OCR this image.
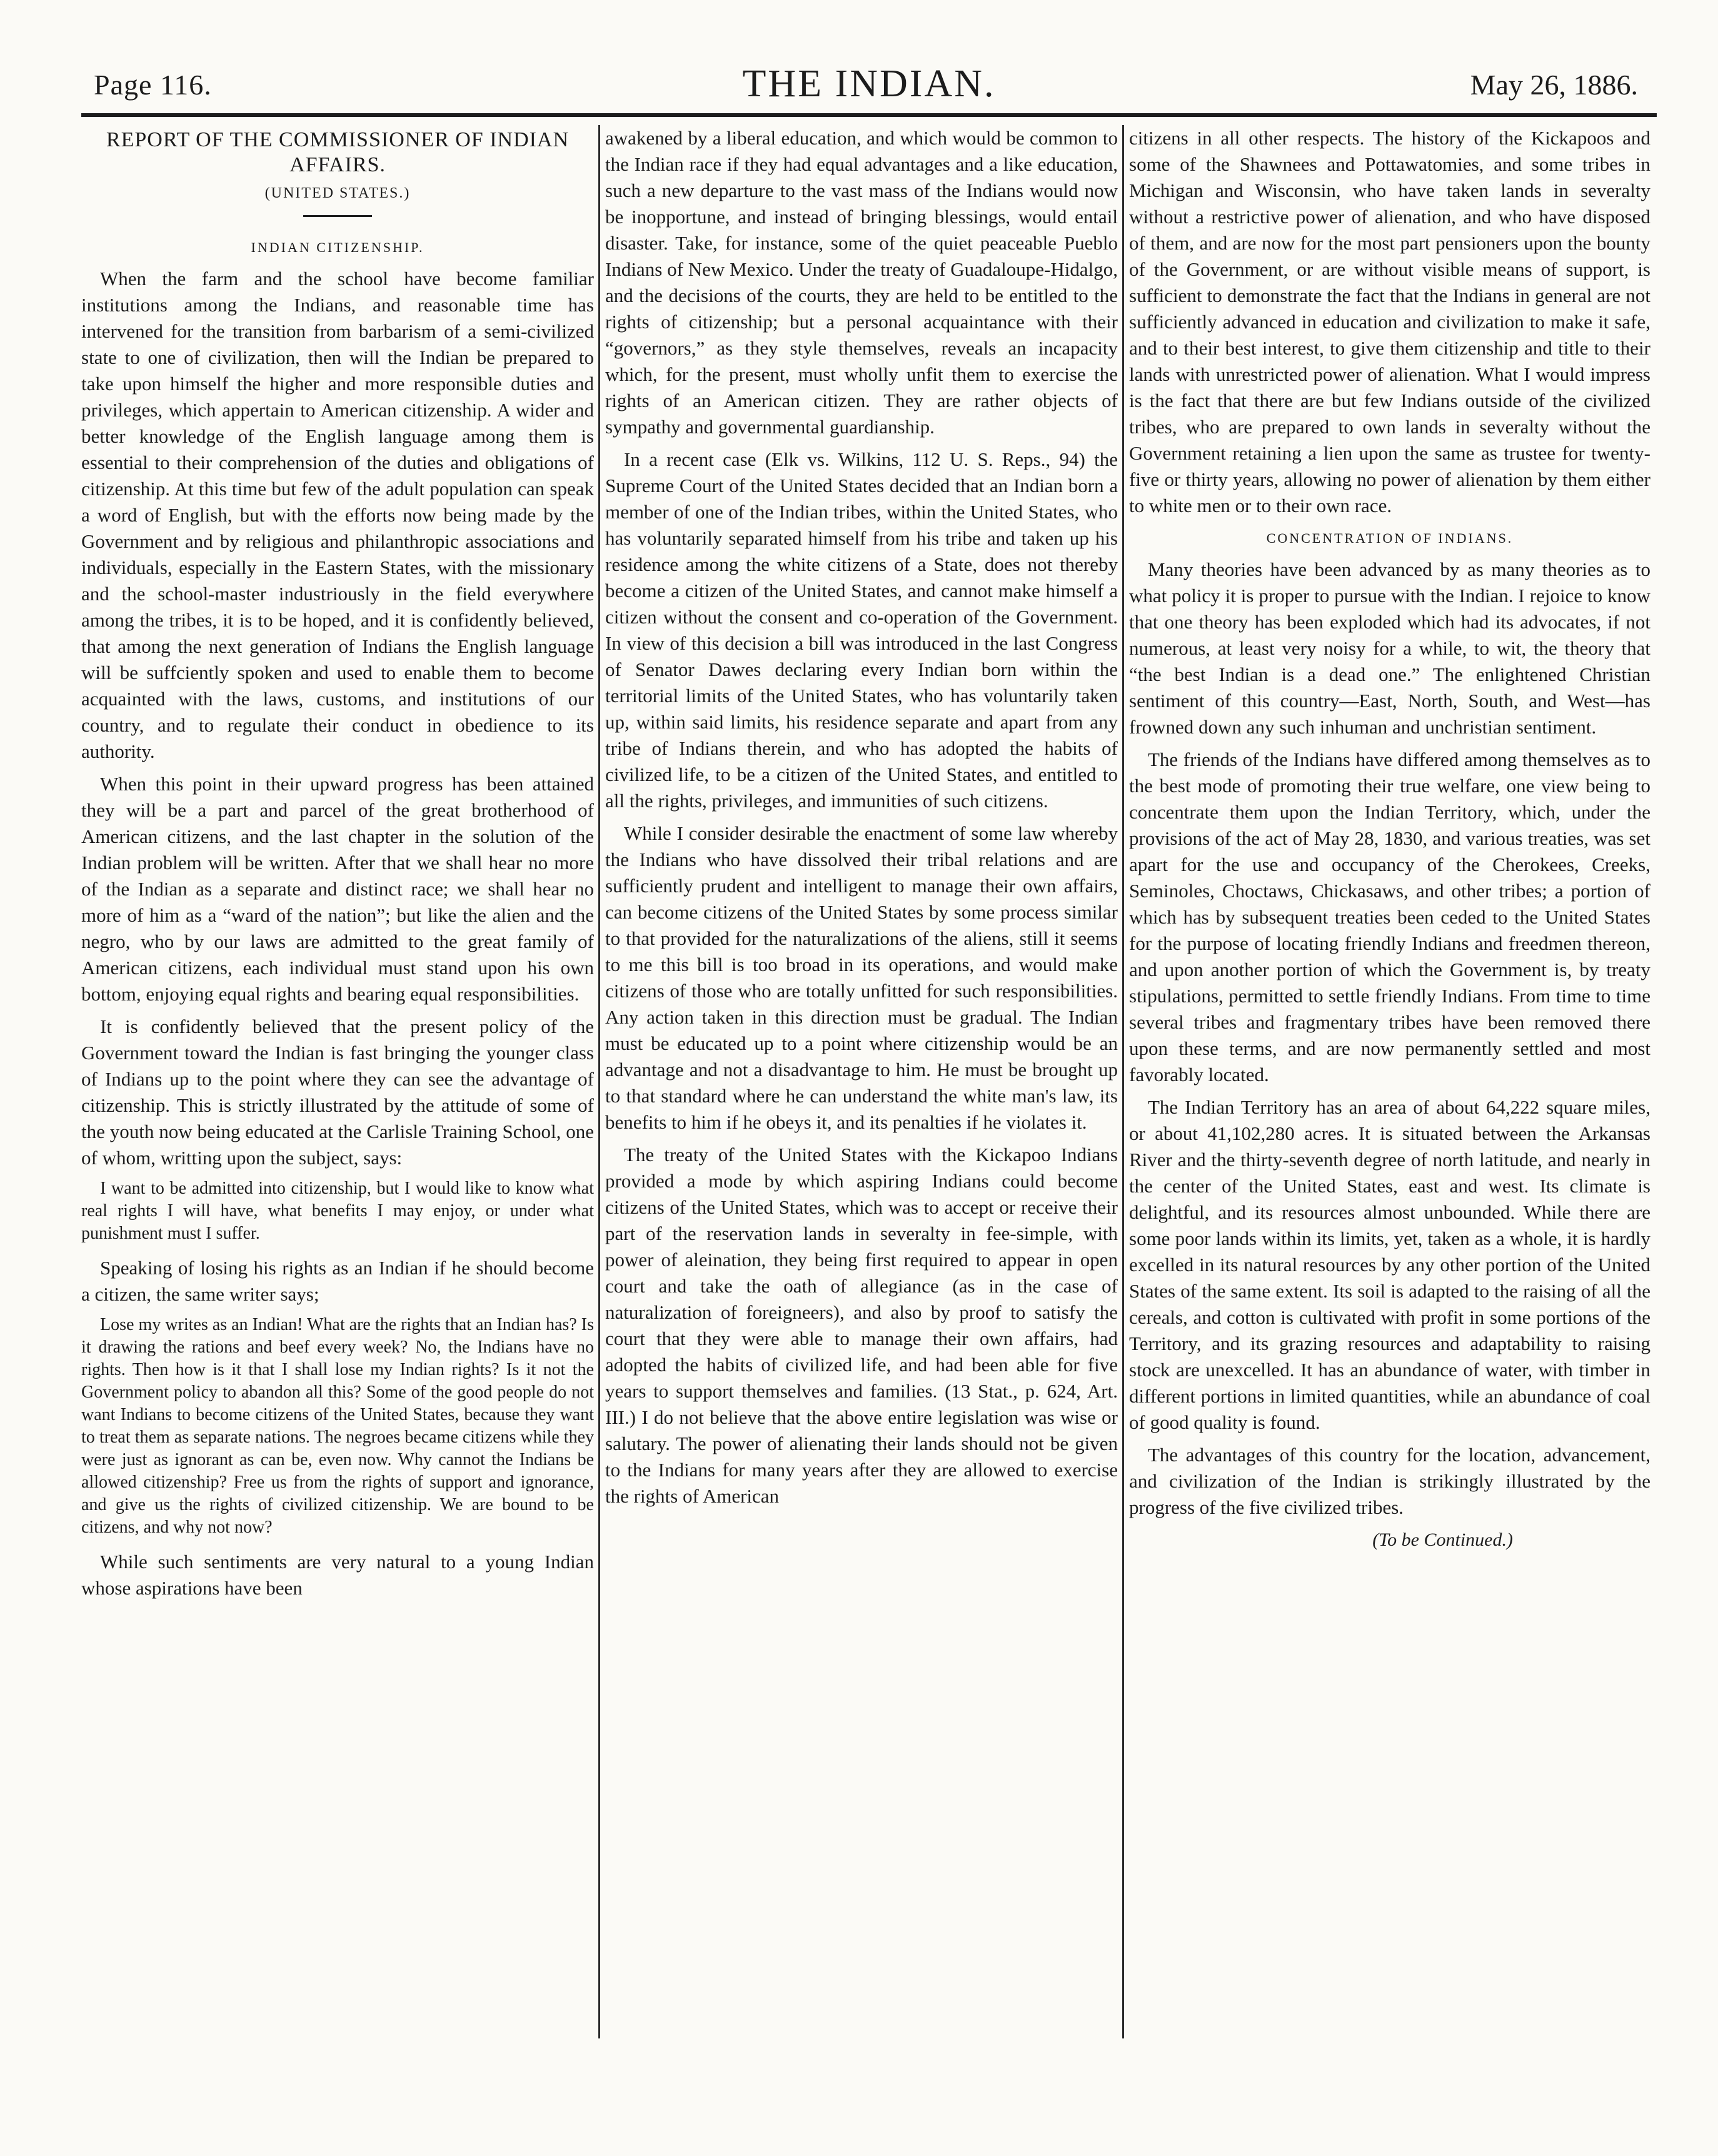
Page 116.	THE INDIAN.	May 26, 1886.
REPORT OF THE COMMISSIONER OF INDIAN AFFAIRS.
(UNITED STATES.)
INDIAN CITIZENSHIP.

When the farm and the school have become familiar institutions among the Indians, and reasonable time has intervened for the transition from barbarism of a semi-civilized state to one of civilization, then will the Indian be prepared to take upon himself the higher and more responsible duties and privileges, which appertain to American citizenship. A wider and better knowledge of the English language among them is essential to their comprehension of the duties and obligations of citizenship. At this time but few of the adult population can speak a word of English, but with the efforts now being made by the Government and by religious and philanthropic associations and individuals, especially in the Eastern States, with the missionary and the school-master industriously in the field everywhere among the tribes, it is to be hoped, and it is confidently believed, that among the next generation of Indians the English language will be suffciently spoken and used to enable them to become acquainted with the laws, customs, and institutions of our country, and to regulate their conduct in obedience to its authority.

When this point in their upward progress has been attained they will be a part and parcel of the great brotherhood of American citizens, and the last chapter in the solution of the Indian problem will be written. After that we shall hear no more of the Indian as a separate and distinct race; we shall hear no more of him as a “ward of the nation”; but like the alien and the negro, who by our laws are admitted to the great family of American citizens, each individual must stand upon his own bottom, enjoying equal rights and bearing equal responsibilities.

It is confidently believed that the present policy of the Government toward the Indian is fast bringing the younger class of Indians up to the point where they can see the advantage of citizenship. This is strictly illustrated by the attitude of some of the youth now being educated at the Carlisle Training School, one of whom, writting upon the subject, says:

I want to be admitted into citizenship, but I would like to know what real rights I will have, what benefits I may enjoy, or under what punishment must I suffer.

Speaking of losing his rights as an Indian if he should become a citizen, the same writer says;

Lose my writes as an Indian! What are the rights that an Indian has? Is it drawing the rations and beef every week? No, the Indians have no rights. Then how is it that I shall lose my Indian rights? Is it not the Government policy to abandon all this? Some of the good people do not want Indians to become citizens of the United States, because they want to treat them as separate nations. The negroes became citizens while they were just as ignorant as can be, even now. Why cannot the Indians be allowed citizenship? Free us from the rights of support and ignorance, and give us the rights of civilized citizenship. We are bound to be citizens, and why not now?

While such sentiments are very natural to a young Indian whose aspirations have been

awakened by a liberal education, and which would be common to the Indian race if they had equal advantages and a like education, such a new departure to the vast mass of the Indians would now be inopportune, and instead of bringing blessings, would entail disaster. Take, for instance, some of the quiet peaceable Pueblo Indians of New Mexico. Under the treaty of Guadaloupe-Hidalgo, and the decisions of the courts, they are held to be entitled to the rights of citizenship; but a personal acquaintance with their “governors,” as they style themselves, reveals an incapacity which, for the present, must wholly unfit them to exercise the rights of an American citizen. They are rather objects of sympathy and governmental guardianship.

In a recent case (Elk vs. Wilkins, 112 U. S. Reps., 94) the Supreme Court of the United States decided that an Indian born a member of one of the Indian tribes, within the United States, who has voluntarily separated himself from his tribe and taken up his residence among the white citizens of a State, does not thereby become a citizen of the United States, and cannot make himself a citizen without the consent and co-operation of the Government. In view of this decision a bill was introduced in the last Congress of Senator Dawes declaring every Indian born within the territorial limits of the United States, who has voluntarily taken up, within said limits, his residence separate and apart from any tribe of Indians therein, and who has adopted the habits of civilized life, to be a citizen of the United States, and entitled to all the rights, privileges, and immunities of such citizens.

While I consider desirable the enactment of some law whereby the Indians who have dissolved their tribal relations and are sufficiently prudent and intelligent to manage their own affairs, can become citizens of the United States by some process similar to that provided for the naturalizations of the aliens, still it seems to me this bill is too broad in its operations, and would make citizens of those who are totally unfitted for such responsibilities. Any action taken in this direction must be gradual. The Indian must be educated up to a point where citizenship would be an advantage and not a disadvantage to him. He must be brought up to that standard where he can understand the white man's law, its benefits to him if he obeys it, and its penalties if he violates it.

The treaty of the United States with the Kickapoo Indians provided a mode by which aspiring Indians could become citizens of the United States, which was to accept or receive their part of the reservation lands in severalty in fee-simple, with power of aleination, they being first required to appear in open court and take the oath of allegiance (as in the case of naturalization of foreigneers), and also by proof to satisfy the court that they were able to manage their own affairs, had adopted the habits of civilized life, and had been able for five years to support themselves and families. (13 Stat., p. 624, Art. III.) I do not believe that the above entire legislation was wise or salutary. The power of alienating their lands should not be given to the Indians for many years after they are allowed to exercise the rights of American

citizens in all other respects. The history of the Kickapoos and some of the Shawnees and Pottawatomies, and some tribes in Michigan and Wisconsin, who have taken lands in severalty without a restrictive power of alienation, and who have disposed of them, and are now for the most part pensioners upon the bounty of the Government, or are without visible means of support, is sufficient to demonstrate the fact that the Indians in general are not sufficiently advanced in education and civilization to make it safe, and to their best interest, to give them citizenship and title to their lands with unrestricted power of alienation. What I would impress is the fact that there are but few Indians outside of the civilized tribes, who are prepared to own lands in severalty without the Government retaining a lien upon the same as trustee for twenty-five or thirty years, allowing no power of alienation by them either to white men or to their own race.

CONCENTRATION OF INDIANS.

Many theories have been advanced by as many theories as to what policy it is proper to pursue with the Indian. I rejoice to know that one theory has been exploded which had its advocates, if not numerous, at least very noisy for a while, to wit, the theory that “the best Indian is a dead one.” The enlightened Christian sentiment of this country—East, North, South, and West—has frowned down any such inhuman and unchristian sentiment.

The friends of the Indians have differed among themselves as to the best mode of promoting their true welfare, one view being to concentrate them upon the Indian Territory, which, under the provisions of the act of May 28, 1830, and various treaties, was set apart for the use and occupancy of the Cherokees, Creeks, Seminoles, Choctaws, Chickasaws, and other tribes; a portion of which has by subsequent treaties been ceded to the United States for the purpose of locating friendly Indians and freedmen thereon, and upon another portion of which the Government is, by treaty stipulations, permitted to settle friendly Indians. From time to time several tribes and fragmentary tribes have been removed there upon these terms, and are now permanently settled and most favorably located.

The Indian Territory has an area of about 64,222 square miles, or about 41,102,280 acres. It is situated between the Arkansas River and the thirty-seventh degree of north latitude, and nearly in the center of the United States, east and west. Its climate is delightful, and its resources almost unbounded. While there are some poor lands within its limits, yet, taken as a whole, it is hardly excelled in its natural resources by any other portion of the United States of the same extent. Its soil is adapted to the raising of all the cereals, and cotton is cultivated with profit in some portions of the Territory, and its grazing resources and adaptability to raising stock are unexcelled. It has an abundance of water, with timber in different portions in limited quantities, while an abundance of coal of good quality is found.

The advantages of this country for the location, advancement, and civilization of the Indian is strikingly illustrated by the progress of the five civilized tribes.

(To be Continued.)
